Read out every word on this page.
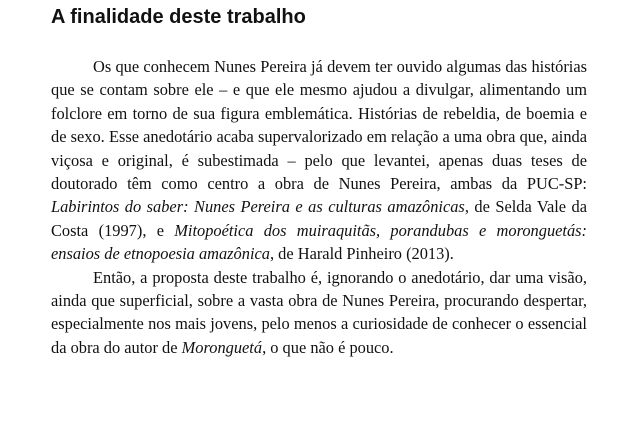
A finalidade deste trabalho

Os que conhecem Nunes Pereira já devem ter ouvido algumas das histórias que se contam sobre ele – e que ele mesmo ajudou a divulgar, alimentando um folclore em torno de sua figura emblemática. Histórias de rebeldia, de boemia e de sexo. Esse anedotário acaba supervalorizado em relação a uma obra que, ainda viçosa e original, é subestimada – pelo que levantei, apenas duas teses de doutorado têm como centro a obra de Nunes Pereira, ambas da PUC-SP: Labirintos do saber: Nunes Pereira e as culturas amazônicas, de Selda Vale da Costa (1997), e Mitopoética dos muiraquitãs, porandubas e moronguetás: ensaios de etnopoesia amazônica, de Harald Pinheiro (2013).

Então, a proposta deste trabalho é, ignorando o anedotário, dar uma visão, ainda que superficial, sobre a vasta obra de Nunes Pereira, procurando despertar, especialmente nos mais jovens, pelo menos a curiosidade de conhecer o essencial da obra do autor de Moronguetá, o que não é pouco.
